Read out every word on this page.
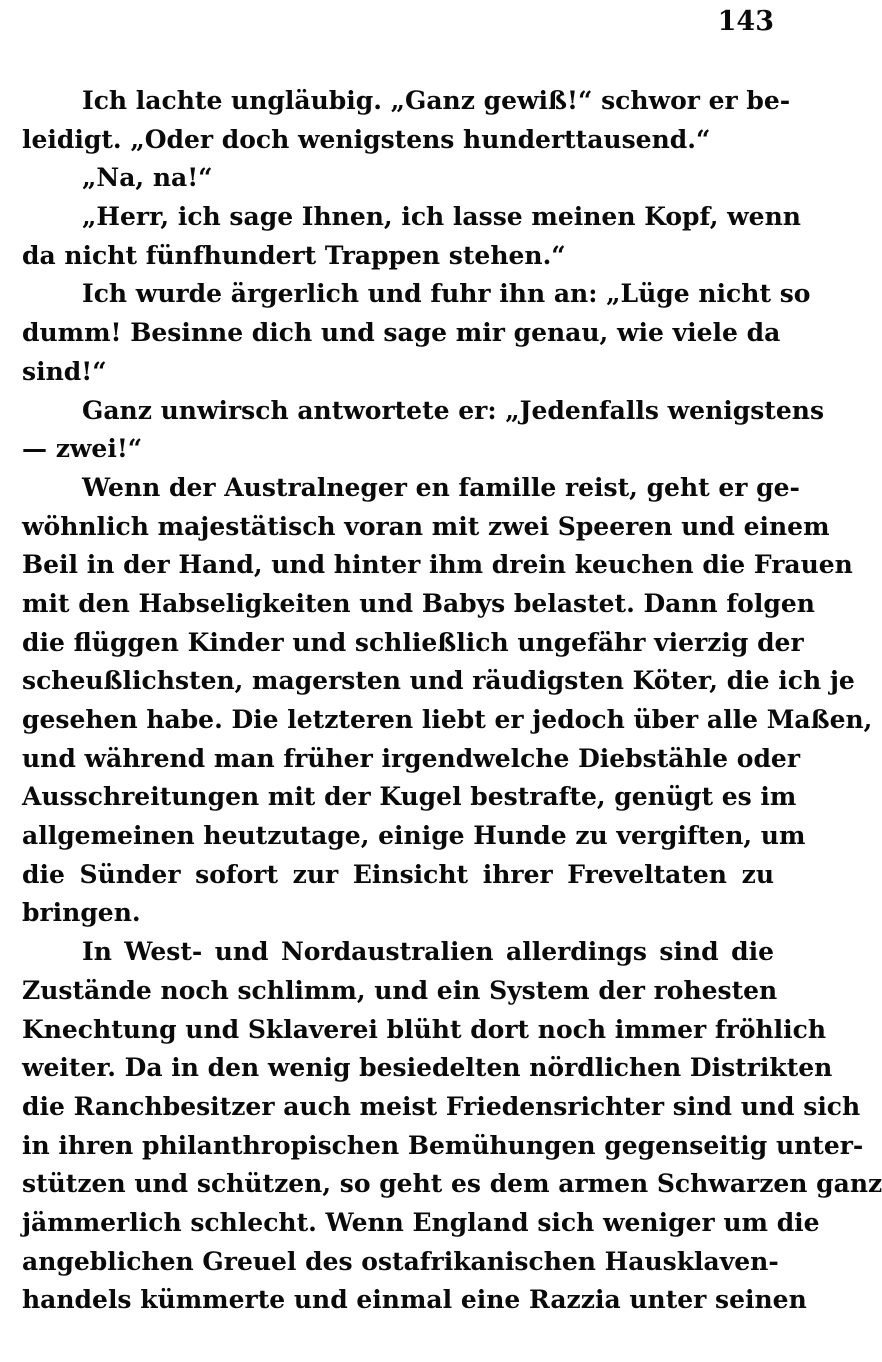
143
Ich lachte ungläubig. „Ganz gewiß!“ schwor er be-
leidigt. „Oder doch wenigstens hunderttausend.“
„Na, na!“
„Herr, ich sage Ihnen, ich lasse meinen Kopf, wenn
da nicht fünfhundert Trappen stehen.“
Ich wurde ärgerlich und fuhr ihn an: „Lüge nicht so
dumm! Besinne dich und sage mir genau, wie viele da
sind!“
Ganz unwirsch antwortete er: „Jedenfalls wenigstens
— zwei!“
Wenn der Australneger en famille reist, geht er ge-
wöhnlich majestätisch voran mit zwei Speeren und einem
Beil in der Hand, und hinter ihm drein keuchen die Frauen
mit den Habseligkeiten und Babys belastet. Dann folgen
die flüggen Kinder und schließlich ungefähr vierzig der
scheußlichsten, magersten und räudigsten Köter, die ich je
gesehen habe. Die letzteren liebt er jedoch über alle Maßen,
und während man früher irgendwelche Diebstähle oder
Ausschreitungen mit der Kugel bestrafte, genügt es im
allgemeinen heutzutage, einige Hunde zu vergiften, um
die Sünder sofort zur Einsicht ihrer Freveltaten zu
bringen.
In West- und Nordaustralien allerdings sind die
Zustände noch schlimm, und ein System der rohesten
Knechtung und Sklaverei blüht dort noch immer fröhlich
weiter. Da in den wenig besiedelten nördlichen Distrikten
die Ranchbesitzer auch meist Friedensrichter sind und sich
in ihren philanthropischen Bemühungen gegenseitig unter-
stützen und schützen, so geht es dem armen Schwarzen ganz
jämmerlich schlecht. Wenn England sich weniger um die
angeblichen Greuel des ostafrikanischen Hausklaven-
handels kümmerte und einmal eine Razzia unter seinen
